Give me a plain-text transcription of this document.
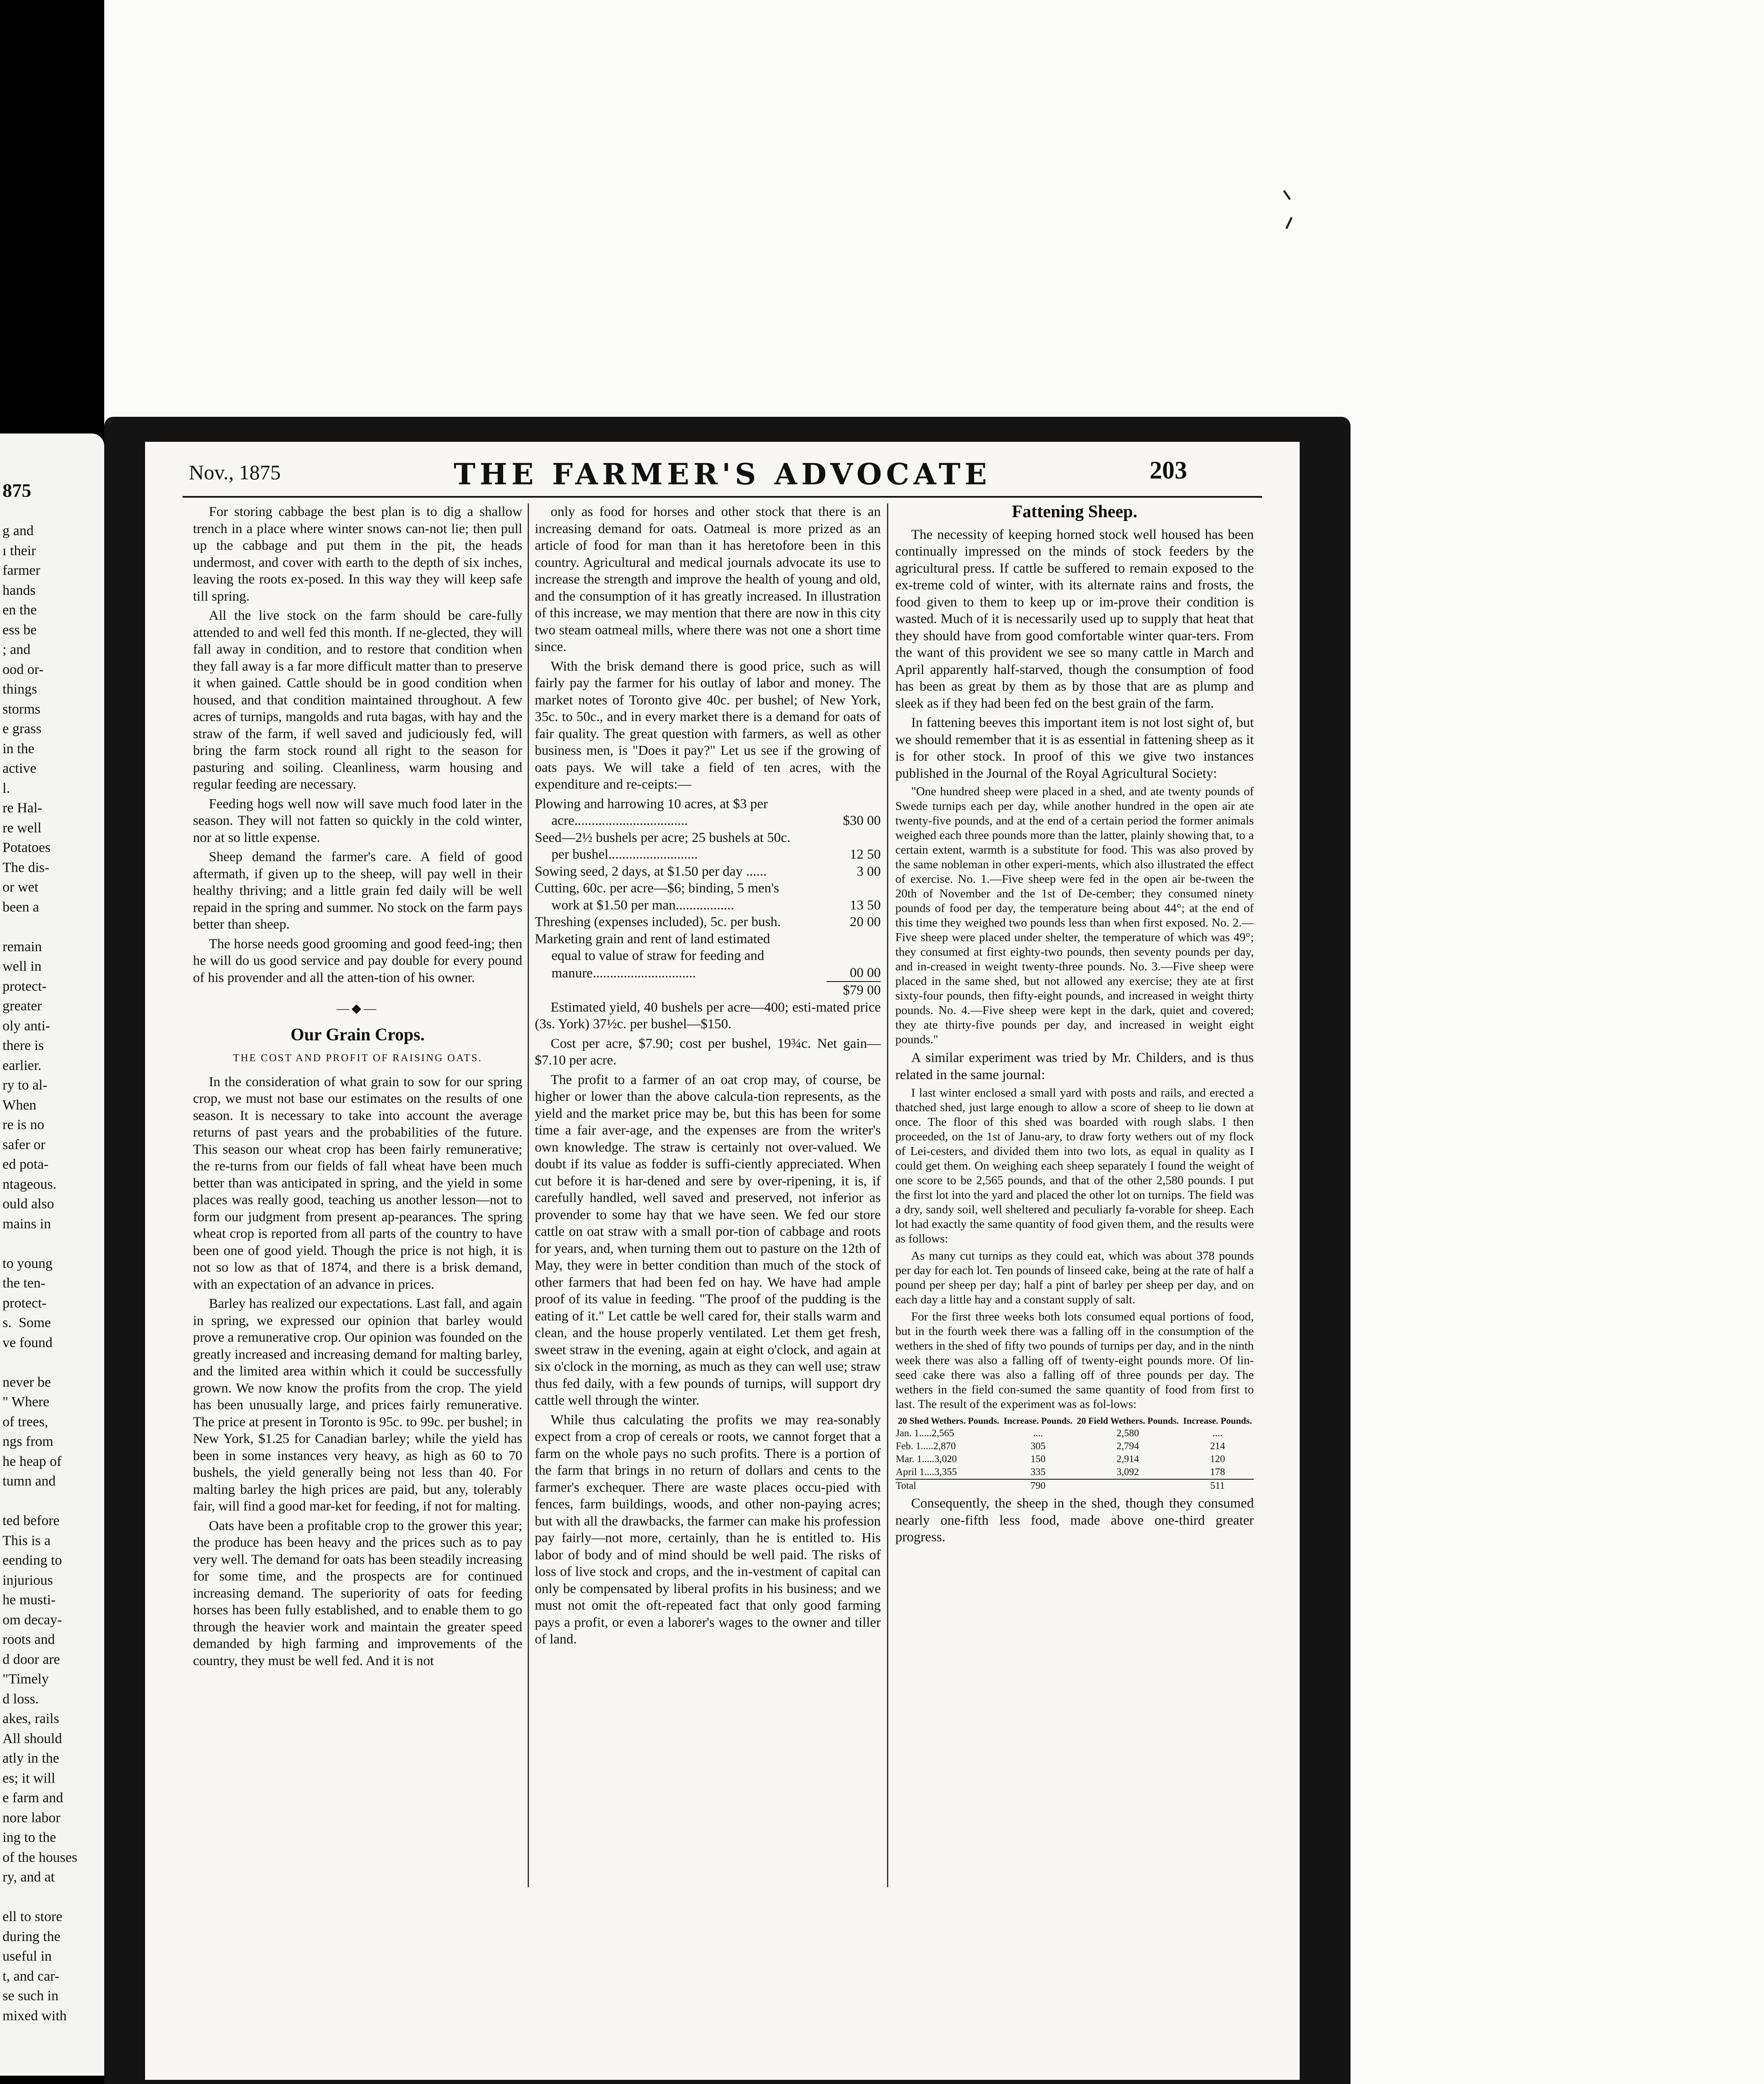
875
g and
ı their
farmer
hands
en the
ess be
; and
ood or-
things
storms
e grass
in the
active
l.
re Hal-
re well
Potatoes
The dis-
or wet
been a
remain
well in
protect-
greater
oly anti-
there is
earlier.
ry to al-
When
re is no
safer or
ed pota-
ntageous.
ould also
mains in
to young
the ten-
protect-
s.  Some
ve found
never be
" Where
of trees,
ngs from
he heap of
tumn and
ted before
This is a
eending to
injurious
he musti-
om decay-
roots and
d door are
"Timely
d loss.
akes, rails
All should
atly in the
es; it will
e farm and
nore labor
ing to the
of the houses
ry, and at
ell to store
during the
useful in
t, and car-
se such in
mixed with
Nov., 1875	THE FARMER'S ADVOCATE	203

For storing cabbage the best plan is to dig a shallow trench in a place where winter snows can-not lie; then pull up the cabbage and put them in the pit, the heads undermost, and cover with earth to the depth of six inches, leaving the roots ex-posed. In this way they will keep safe till spring.

All the live stock on the farm should be care-fully attended to and well fed this month. If ne-glected, they will fall away in condition, and to restore that condition when they fall away is a far more difficult matter than to preserve it when gained. Cattle should be in good condition when housed, and that condition maintained throughout. A few acres of turnips, mangolds and ruta bagas, with hay and the straw of the farm, if well saved and judiciously fed, will bring the farm stock round all right to the season for pasturing and soiling. Cleanliness, warm housing and regular feeding are necessary.

Feeding hogs well now will save much food later in the season. They will not fatten so quickly in the cold winter, nor at so little expense.

Sheep demand the farmer's care. A field of good aftermath, if given up to the sheep, will pay well in their healthy thriving; and a little grain fed daily will be well repaid in the spring and summer. No stock on the farm pays better than sheep.

The horse needs good grooming and good feed-ing; then he will do us good service and pay double for every pound of his provender and all the atten-tion of his owner.

—◆—
Our Grain Crops.
THE COST AND PROFIT OF RAISING OATS.

In the consideration of what grain to sow for our spring crop, we must not base our estimates on the results of one season. It is necessary to take into account the average returns of past years and the probabilities of the future. This season our wheat crop has been fairly remunerative; the re-turns from our fields of fall wheat have been much better than was anticipated in spring, and the yield in some places was really good, teaching us another lesson—not to form our judgment from present ap-pearances. The spring wheat crop is reported from all parts of the country to have been one of good yield. Though the price is not high, it is not so low as that of 1874, and there is a brisk demand, with an expectation of an advance in prices.

Barley has realized our expectations. Last fall, and again in spring, we expressed our opinion that barley would prove a remunerative crop. Our opinion was founded on the greatly increased and increasing demand for malting barley, and the limited area within which it could be successfully grown. We now know the profits from the crop. The yield has been unusually large, and prices fairly remunerative. The price at present in Toronto is 95c. to 99c. per bushel; in New York, $1.25 for Canadian barley; while the yield has been in some instances very heavy, as high as 60 to 70 bushels, the yield generally being not less than 40. For malting barley the high prices are paid, but any, tolerably fair, will find a good mar-ket for feeding, if not for malting.

Oats have been a profitable crop to the grower this year; the produce has been heavy and the prices such as to pay very well. The demand for oats has been steadily increasing for some time, and the prospects are for continued increasing demand. The superiority of oats for feeding horses has been fully established, and to enable them to go through the heavier work and maintain the greater speed demanded by high farming and improvements of the country, they must be well fed. And it is not

only as food for horses and other stock that there is an increasing demand for oats. Oatmeal is more prized as an article of food for man than it has heretofore been in this country. Agricultural and medical journals advocate its use to increase the strength and improve the health of young and old, and the consumption of it has greatly increased. In illustration of this increase, we may mention that there are now in this city two steam oatmeal mills, where there was not one a short time since.

With the brisk demand there is good price, such as will fairly pay the farmer for his outlay of labor and money. The market notes of Toronto give 40c. per bushel; of New York, 35c. to 50c., and in every market there is a demand for oats of fair quality. The great question with farmers, as well as other business men, is "Does it pay?" Let us see if the growing of oats pays. We will take a field of ten acres, with the expenditure and re-ceipts:—

Plowing and harrowing 10 acres, at $3 per	
acre.................................	$30 00
Seed—2½ bushels per acre; 25 bushels at 50c.	
per bushel..........................	12 50
Sowing seed, 2 days, at $1.50 per day ......	3 00
Cutting, 60c. per acre—$6; binding, 5 men's	
work at $1.50 per man.................	13 50
Threshing (expenses included), 5c. per bush.	20 00
Marketing grain and rent of land estimated	
equal to value of straw for feeding and	
manure..............................	00 00
	$79 00

Estimated yield, 40 bushels per acre—400; esti-mated price (3s. York) 37½c. per bushel—$150.

Cost per acre, $7.90; cost per bushel, 19¾c. Net gain—$7.10 per acre.

The profit to a farmer of an oat crop may, of course, be higher or lower than the above calcula-tion represents, as the yield and the market price may be, but this has been for some time a fair aver-age, and the expenses are from the writer's own knowledge. The straw is certainly not over-valued. We doubt if its value as fodder is suffi-ciently appreciated. When cut before it is har-dened and sere by over-ripening, it is, if carefully handled, well saved and preserved, not inferior as provender to some hay that we have seen. We fed our store cattle on oat straw with a small por-tion of cabbage and roots for years, and, when turning them out to pasture on the 12th of May, they were in better condition than much of the stock of other farmers that had been fed on hay. We have had ample proof of its value in feeding. "The proof of the pudding is the eating of it." Let cattle be well cared for, their stalls warm and clean, and the house properly ventilated. Let them get fresh, sweet straw in the evening, again at eight o'clock, and again at six o'clock in the morning, as much as they can well use; straw thus fed daily, with a few pounds of turnips, will support dry cattle well through the winter.

While thus calculating the profits we may rea-sonably expect from a crop of cereals or roots, we cannot forget that a farm on the whole pays no such profits. There is a portion of the farm that brings in no return of dollars and cents to the farmer's exchequer. There are waste places occu-pied with fences, farm buildings, woods, and other non-paying acres; but with all the drawbacks, the farmer can make his profession pay fairly—not more, certainly, than he is entitled to. His labor of body and of mind should be well paid. The risks of loss of live stock and crops, and the in-vestment of capital can only be compensated by liberal profits in his business; and we must not omit the oft-repeated fact that only good farming pays a profit, or even a laborer's wages to the owner and tiller of land.

Fattening Sheep.

The necessity of keeping horned stock well housed has been continually impressed on the minds of stock feeders by the agricultural press. If cattle be suffered to remain exposed to the ex-treme cold of winter, with its alternate rains and frosts, the food given to them to keep up or im-prove their condition is wasted. Much of it is necessarily used up to supply that heat that they should have from good comfortable winter quar-ters. From the want of this provident we see so many cattle in March and April apparently half-starved, though the consumption of food has been as great by them as by those that are as plump and sleek as if they had been fed on the best grain of the farm.

In fattening beeves this important item is not lost sight of, but we should remember that it is as essential in fattening sheep as it is for other stock. In proof of this we give two instances published in the Journal of the Royal Agricultural Society:

"One hundred sheep were placed in a shed, and ate twenty pounds of Swede turnips each per day, while another hundred in the open air ate twenty-five pounds, and at the end of a certain period the former animals weighed each three pounds more than the latter, plainly showing that, to a certain extent, warmth is a substitute for food. This was also proved by the same nobleman in other experi-ments, which also illustrated the effect of exercise. No. 1.—Five sheep were fed in the open air be-tween the 20th of November and the 1st of De-cember; they consumed ninety pounds of food per day, the temperature being about 44°; at the end of this time they weighed two pounds less than when first exposed. No. 2.—Five sheep were placed under shelter, the temperature of which was 49°; they consumed at first eighty-two pounds, then seventy pounds per day, and in-creased in weight twenty-three pounds. No. 3.—Five sheep were placed in the same shed, but not allowed any exercise; they ate at first sixty-four pounds, then fifty-eight pounds, and increased in weight thirty pounds. No. 4.—Five sheep were kept in the dark, quiet and covered; they ate thirty-five pounds per day, and increased in weight eight pounds."

A similar experiment was tried by Mr. Childers, and is thus related in the same journal:

I last winter enclosed a small yard with posts and rails, and erected a thatched shed, just large enough to allow a score of sheep to lie down at once. The floor of this shed was boarded with rough slabs. I then proceeded, on the 1st of Janu-ary, to draw forty wethers out of my flock of Lei-cesters, and divided them into two lots, as equal in quality as I could get them. On weighing each sheep separately I found the weight of one score to be 2,565 pounds, and that of the other 2,580 pounds. I put the first lot into the yard and placed the other lot on turnips. The field was a dry, sandy soil, well sheltered and peculiarly fa-vorable for sheep. Each lot had exactly the same quantity of food given them, and the results were as follows:

As many cut turnips as they could eat, which was about 378 pounds per day for each lot. Ten pounds of linseed cake, being at the rate of half a pound per sheep per day; half a pint of barley per sheep per day, and on each day a little hay and a constant supply of salt.

For the first three weeks both lots consumed equal portions of food, but in the fourth week there was a falling off in the consumption of the wethers in the shed of fifty two pounds of turnips per day, and in the ninth week there was also a falling off of twenty-eight pounds more. Of lin-seed cake there was also a falling off of three pounds per day. The wethers in the field con-sumed the same quantity of food from first to last. The result of the experiment was as fol-lows:

20 Shed Wethers. Pounds.	Increase. Pounds.	20 Field Wethers. Pounds.	Increase. Pounds.
Jan. 1.....2,565	....	2,580	....
Feb. 1.....2,870	305	2,794	214
Mar. 1.....3,020	150	2,914	120
April 1....3,355	335	3,092	178
Total	790		511

Consequently, the sheep in the shed, though they consumed nearly one-fifth less food, made above one-third greater progress.
